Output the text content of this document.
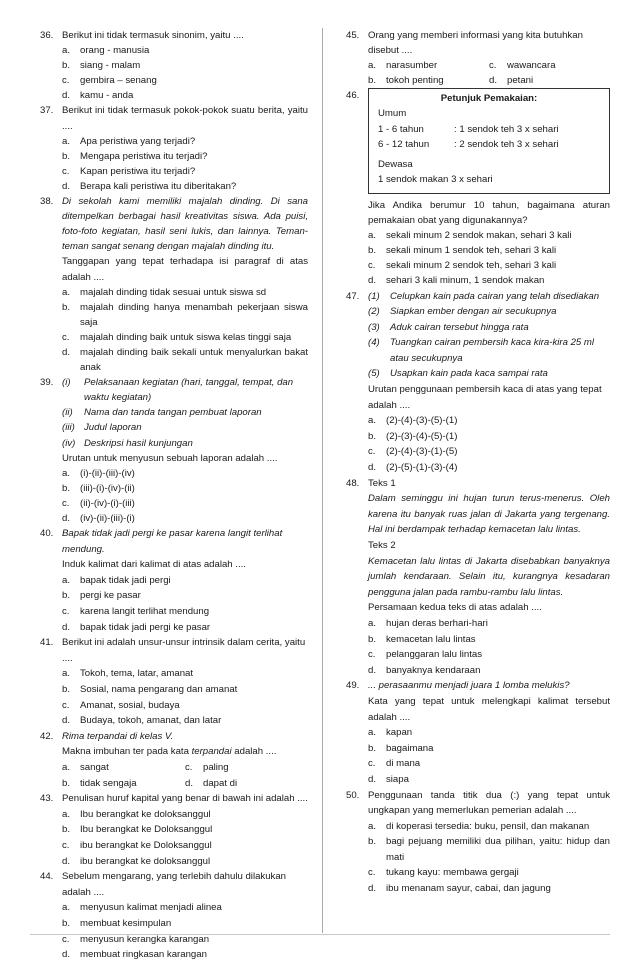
36. Berikut ini tidak termasuk sinonim, yaitu ....
a.	orang - manusia
b.	siang - malam
c.	gembira – senang
d.	kamu - anda
37. Berikut ini tidak termasuk pokok-pokok suatu berita, yaitu ....
a.	Apa peristiwa yang terjadi?
b.	Mengapa peristiwa itu terjadi?
c.	Kapan peristiwa itu terjadi?
d.	Berapa kali peristiwa itu diberitakan?
38. Di sekolah kami memiliki majalah dinding. Di sana ditempelkan berbagai hasil kreativitas siswa. Ada puisi, foto-foto kegiatan, hasil seni lukis, dan lainnya. Teman-teman sangat senang dengan majalah dinding itu.
Tanggapan yang tepat terhadapa isi paragraf di atas adalah ....
a.	majalah dinding tidak sesuai untuk siswa sd
b.	majalah dinding hanya menambah pekerjaan siswa saja
c.	majalah dinding baik untuk siswa kelas tinggi saja
d.	majalah dinding baik sekali untuk menyalurkan bakat anak
39. (i)	Pelaksanaan kegiatan (hari, tanggal, tempat, dan waktu kegiatan)
(ii)	Nama dan tanda tangan pembuat laporan
(iii) Judul laporan
(iv) Deskripsi hasil kunjungan
Urutan untuk menyusun sebuah laporan adalah ....
a.	(i)-(ii)-(iii)-(iv)
b.	(iii)-(i)-(iv)-(ii)
c.	(ii)-(iv)-(i)-(iii)
d.	(iv)-(ii)-(iii)-(i)
40. Bapak tidak jadi pergi ke pasar karena langit terlihat mendung.
Induk kalimat dari kalimat di atas adalah ....
a.	bapak tidak jadi pergi
b.	pergi ke pasar
c.	karena langit terlihat mendung
d.	bapak tidak jadi pergi ke pasar
41. Berikut ini adalah unsur-unsur intrinsik dalam cerita, yaitu ....
a.	Tokoh, tema, latar, amanat
b.	Sosial, nama pengarang dan amanat
c.	Amanat, sosial, budaya
d.	Budaya, tokoh, amanat, dan latar
42. Rima terpandai di kelas V.
Makna imbuhan ter pada kata terpandai adalah ....
a.	sangat	c.	paling
b.	tidak sengaja	d.	dapat di
43. Penulisan huruf kapital yang benar di bawah ini adalah ....
a.	Ibu berangkat ke doloksanggul
b.	Ibu berangkat ke Doloksanggul
c.	ibu berangkat ke Doloksanggul
d.	ibu berangkat ke doloksanggul
44. Sebelum mengarang, yang terlebih dahulu dilakukan adalah ....
a.	menyusun kalimat menjadi alinea
b.	membuat kesimpulan
c.	menyusun kerangka karangan
d.	membuat ringkasan karangan
45. Orang yang memberi informasi yang kita butuhkan disebut ....
a.	narasumber	c.	wawancara
b.	tokoh penting	d.	petani
46.	Petunjuk Pemakaian:
Umum
1 - 6 tahun	: 1 sendok teh 3 x sehari
6 - 12 tahun	: 2 sendok teh 3 x sehari
Dewasa
1 sendok makan 3 x sehari
Jika Andika berumur 10 tahun, bagaimana aturan pemakaian obat yang digunakannya?
a.	sekali minum 2 sendok makan, sehari 3 kali
b.	sekali minum 1 sendok teh, sehari 3 kali
c.	sekali minum 2 sendok teh, sehari 3 kali
d.	sehari 3 kali minum, 1 sendok makan
47. (1)	Celupkan kain pada cairan yang telah disediakan
(2)	Siapkan ember dengan air secukupnya
(3)	Aduk cairan tersebut hingga rata
(4)	Tuangkan cairan pembersih kaca kira-kira 25 ml atau secukupnya
(5)	Usapkan kain pada kaca sampai rata
Urutan penggunaan pembersih kaca di atas yang tepat adalah ....
a.	(2)-(4)-(3)-(5)-(1)
b.	(2)-(3)-(4)-(5)-(1)
c.	(2)-(4)-(3)-(1)-(5)
d.	(2)-(5)-(1)-(3)-(4)
48. Teks 1
Dalam seminggu ini hujan turun terus-menerus. Oleh karena itu banyak ruas jalan di Jakarta yang tergenang. Hal ini berdampak terhadap kemacetan lalu lintas.
Teks 2
Kemacetan lalu lintas di Jakarta disebabkan banyaknya jumlah kendaraan. Selain itu, kurangnya kesadaran pengguna jalan pada rambu-rambu lalu lintas.
Persamaan kedua teks di atas adalah ....
a.	hujan deras berhari-hari
b.	kemacetan lalu lintas
c.	pelanggaran lalu lintas
d.	banyaknya kendaraan
49. ... perasaanmu menjadi juara 1 lomba melukis?
Kata yang tepat untuk melengkapi kalimat tersebut adalah ....
a.	kapan
b.	bagaimana
c.	di mana
d.	siapa
50. Penggunaan tanda titik dua (:) yang tepat untuk ungkapan yang memerlukan pemerian adalah ....
a.	di koperasi tersedia: buku, pensil, dan makanan
b.	bagi pejuang memiliki dua pilihan, yaitu: hidup dan mati
c.	tukang kayu: membawa gergaji
d.	ibu menanam sayur, cabai, dan jagung
